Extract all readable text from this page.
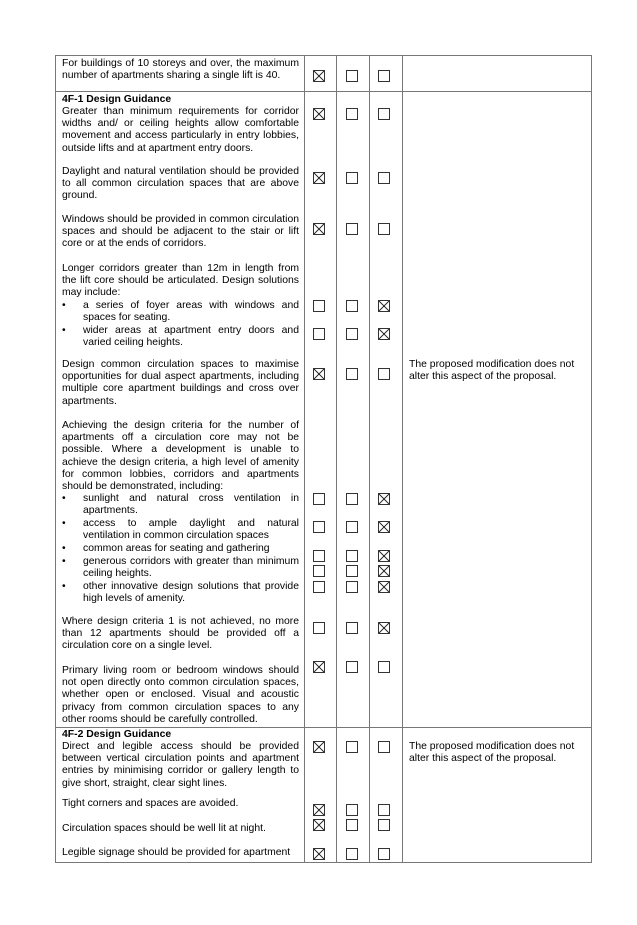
For buildings of 10 storeys and over, the maximum number of apartments sharing a single lift is 40.
4F-1 Design Guidance
Greater than minimum requirements for corridor widths and/ or ceiling heights allow comfortable movement and access particularly in entry lobbies, outside lifts and at apartment entry doors.
Daylight and natural ventilation should be provided to all common circulation spaces that are above ground.
Windows should be provided in common circulation spaces and should be adjacent to the stair or lift core or at the ends of corridors.
Longer corridors greater than 12m in length from the lift core should be articulated. Design solutions may include:
• a series of foyer areas with windows and spaces for seating.
• wider areas at apartment entry doors and varied ceiling heights.
Design common circulation spaces to maximise opportunities for dual aspect apartments, including multiple core apartment buildings and cross over apartments.
The proposed modification does not alter this aspect of the proposal.
Achieving the design criteria for the number of apartments off a circulation core may not be possible. Where a development is unable to achieve the design criteria, a high level of amenity for common lobbies, corridors and apartments should be demonstrated, including:
• sunlight and natural cross ventilation in apartments.
• access to ample daylight and natural ventilation in common circulation spaces
• common areas for seating and gathering
• generous corridors with greater than minimum ceiling heights.
• other innovative design solutions that provide high levels of amenity.
Where design criteria 1 is not achieved, no more than 12 apartments should be provided off a circulation core on a single level.
Primary living room or bedroom windows should not open directly onto common circulation spaces, whether open or enclosed. Visual and acoustic privacy from common circulation spaces to any other rooms should be carefully controlled.
4F-2 Design Guidance
Direct and legible access should be provided between vertical circulation points and apartment entries by minimising corridor or gallery length to give short, straight, clear sight lines.
The proposed modification does not alter this aspect of the proposal.
Tight corners and spaces are avoided.
Circulation spaces should be well lit at night.
Legible signage should be provided for apartment
